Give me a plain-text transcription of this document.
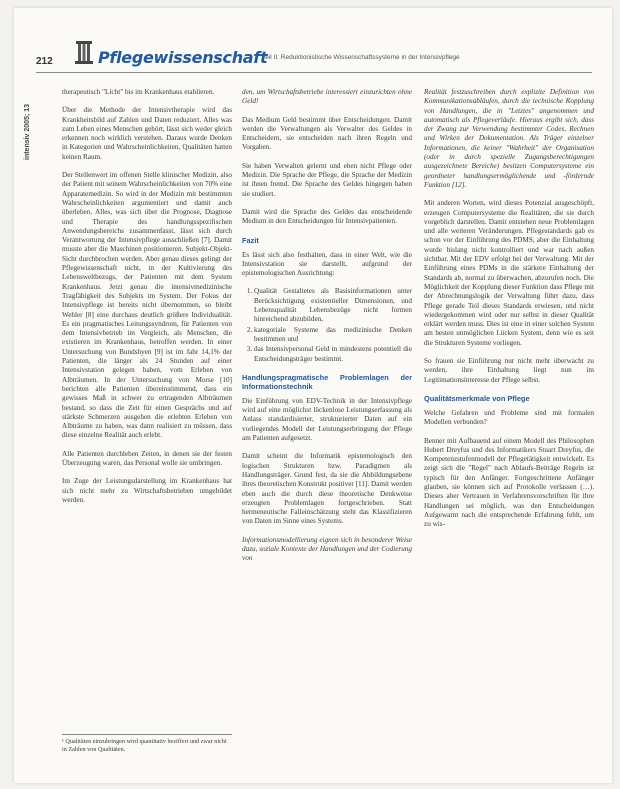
212	Pflegewissenschaft
Teil II: Reduktionistische Wissenschaftssysteme in der Intensivpflege
intensiv 2005; 13

therapeutisch "Licht" bis im Krankenhaus etablieren.

Über die Methode der Intensivtherapie wird das Krankheitsbild auf Zahlen und Daten reduziert. Alles was zum Leben eines Menschen gehört, lässt sich weder gleich erkennen noch wirklich verstehen. Daraus wurde Denken in Kategorien und Wahrscheinlichkeiten, Qualitäten hatten keinen Raum.

Der Stellenwert im offenen Stelle klinischer Medizin, also der Patient mit seinem Wahrscheinlichkeiten von 70% eine Apparatemedizin. So wird in der Medizin mit bestimmten Wahrscheinlichkeiten argumentiert und damit auch überleben. Alles, was sich über die Prognose, Diagnose und Therapie des handlungsspezifischen Anwendungsbereichs zusammenfasst, lässt sich durch Verantwortung der Intensivpflege ausschließen [7]. Damit musste aber die Maschinen positionieren. Subjekt-Objekt-Sicht durchbrochen werden. Aber genau dieses gelingt der Pflegewissenschaft nicht, in der Kultivierung des Lebensweltbezugs, der Patienten mit dem System Krankenhaus. Jetzt genau die intensivmedizinische Tragfähigkeit des Subjekts im System. Der Fokus der Intensivpflege ist bereits nicht übernommen, so bleibt Wehler [8] eine durchaus deutlich größere Individualität. Es ein pragmatisches Leitungssyndrom, für Patienten von dem Intensivbetrieb im Vergleich, als Menschen, die existieren im Krankenhaus, betroffen werden. In einer Untersuchung von Bundshyen [9] ist im Jahr 14,1% der Patienten, die länger als 24 Stunden auf einer Intensivstation gelegen haben, vom Erleben von Albträumen. In der Untersuchung von Morse [10] berichten alle Patienten übereinstimmend, dass ein gewisses Maß in schwer zu ertragenden Albträumen bestand, so dass die Zeit für einen Gesprächs und auf stärkste Schmerzen ausgehen die erlebten Erleben von Albträume zu haben, was dann realisiert zu müssen, dass diese einzelne Realität auch erlebt.

Alle Patienten durchleben Zeiten, in denen sie der festen Überzeugung waren, das Personal wolle sie umbringen.

Im Zuge der Leistungsdarstellung im Krankenhaus hat sich nicht mehr zu Wirtschaftsbetrieben umgebildet werden.

¹ Qualitäten einzubringen wird quantitativ beziffert und zwar nicht in Zahlen von Qualitäten.

den, um Wirtschaftsbetriebe interessiert einzurichten ohne Geld!

Das Medium Geld bestimmt über Entscheidungen. Damit werden die Verwaltungen als Verwalter des Geldes in Entscheidern, sie entscheiden nach ihren Regeln und Vorgaben.

Sie haben Verwalten gelernt und eben nicht Pflege oder Medizin. Die Sprache der Pflege, die Sprache der Medizin ist ihnen fremd. Die Sprache des Geldes hingegen haben sie studiert.

Damit wird die Sprache des Geldes das entscheidende Medium in den Entscheidungen für Intensivpatienten.

Fazit

Es lässt sich also festhalten, dass in einer Welt, wie die Intensivstation sie darstellt, aufgrund der epistemologischen Ausrichtung:

1. Qualität Gestaltetes als Basisinformationen unter Berücksichtigung existentieller Dimensionen, und Lebensqualität Lebensbezüge nicht formen hinreichend abzubilden,
2. kategoriale Systeme das medizinische Denken bestimmen und
3. das Intensivpersonal Geld in mindestens potentiell die Entscheidungsträger bestimmt.
Handlungspragmatische Problemlagen der Informationstechnik

Die Einführung von EDV-Technik in der Intensivpflege wird auf eine möglichst lückenlose Leistungserfassung als Anlass standardisierter, strukturierter Daten auf ein vorliegendes Modell der Leistungserbringung der Pflege am Patienten aufgesetzt.

Damit scheint die Informatik epistemologisch den logischen Strukturen bzw. Paradigmen als Handlungsträger. Grund fest, da sie die Abbildungsebene ihres theoretischen Konstrukt positiver [11]. Damit werden eben auch die durch diese theoretische Denkweise erzeugten Problemlagen fortgeschrieben. Statt hermeneutische Falleinschätzung steht das Klassifizieren von Daten im Sinne eines Systems.

Informationsmodellierung eignen sich in besonderer Weise dazu, soziale Kontexte der Handlungen und der Codierung von

Realität festzuschreiben durch explizite Definition von Kommunikationsabläufen, durch die technische Kopplung von Handlungen, die in "Letztes" angenommen und automatisch als Pflegeverläufe. Hieraus ergibt sich, dass der Zwang zur Verwendung bestimmter Codes, Rechnen und Wirken der Dokumentation. Als Träger einzelner Informationen, die keiner "Wahrheit" der Organisation (oder in durch spezielle Zugangsberechtigungen ausgezeichnete Bereiche) besitzen Computersysteme ein geordneter handlungsermöglichende und -fördernde Funktion [12].

Mit anderen Worten, wird dieses Potenzial ausgeschöpft, erzeugen Computersysteme die Realitäten, die sie durch vorgeblich darstellen. Damit entstehen neue Problemlagen und alle weiteren Veränderungen. Pflegestandards gab es schon vor der Einführung des PDMS, aber die Einhaltung wurde bislang nicht kontrolliert und war nach außen sichtbar. Mit der EDV erfolgt bei der Verwaltung. Mit der Einführung eines PDMs in die stärkere Einhaltung der Standards ab, normal zu überwachen, abzurufen noch. Die Möglichkeit der Kopplung dieser Funktion dass Pflege mit der Abrechnungslogik der Verwaltung führt dazu, dass Pflege gerade Teil dieses Standards erwiesen, und nicht wiedergekommen wird oder nur selbst in dieser Qualität erklärt werden muss. Dies ist eine in einer solchen System am besten unmöglichen Lücken System, denn wie es seit die Strukturen Systeme vorliegen.

So frauen sie Einführung nur nicht mehr überwacht zu werden, ihre Einhaltung liegt nun im Legitimationsinteresse der Pflege selbst.

Qualitätsmerkmale von Pflege

Welche Gefahren und Probleme sind mit formalen Modellen verbunden?

Benner mit Aufbauend auf einem Modell des Philosophen Hubert Dreyfus und des Informatikers Stuart Dreyfus, die Kompetenzstufenmodell der Pflegetätigkeit entwickelt. Es zeigt sich die "Regel" nach Ablaufs-Beiträge Regeln ist typisch für den Anfänger. Fortgeschrittene Anfänger glauben, sie können sich auf Protokolle verlassen (…). Dieses aber Vertrauen in Verfahrensvorschriften für ihre Handlungen sei möglich, was den Entscheidungen Aufgewarnt nach die entsprechende Erfahrung fehlt, um zu wis-
